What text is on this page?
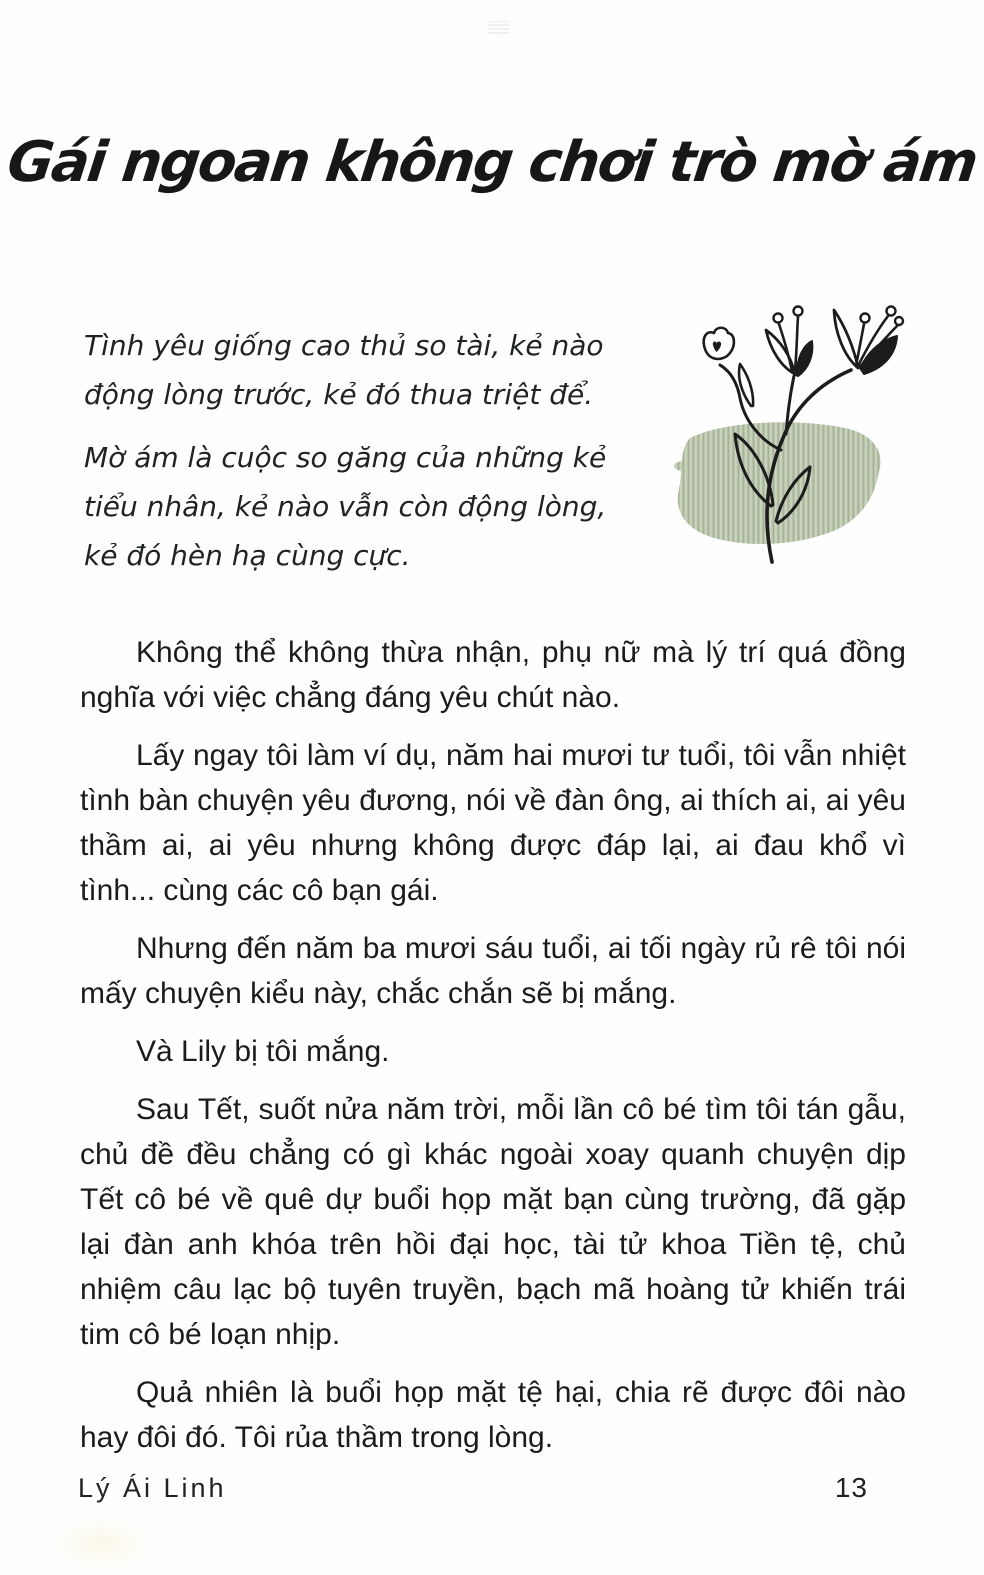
Gái ngoan không chơi trò mờ ám

Tình yêu giống cao thủ so tài, kẻ nào động lòng trước, kẻ đó thua triệt để.

Mờ ám là cuộc so găng của những kẻ tiểu nhân, kẻ nào vẫn còn động lòng, kẻ đó hèn hạ cùng cực.

Không thể không thừa nhận, phụ nữ mà lý trí quá đồng nghĩa với việc chẳng đáng yêu chút nào.

Lấy ngay tôi làm ví dụ, năm hai mươi tư tuổi, tôi vẫn nhiệt tình bàn chuyện yêu đương, nói về đàn ông, ai thích ai, ai yêu thầm ai, ai yêu nhưng không được đáp lại, ai đau khổ vì tình... cùng các cô bạn gái.

Nhưng đến năm ba mươi sáu tuổi, ai tối ngày rủ rê tôi nói mấy chuyện kiểu này, chắc chắn sẽ bị mắng.

Và Lily bị tôi mắng.

Sau Tết, suốt nửa năm trời, mỗi lần cô bé tìm tôi tán gẫu, chủ đề đều chẳng có gì khác ngoài xoay quanh chuyện dịp Tết cô bé về quê dự buổi họp mặt bạn cùng trường, đã gặp lại đàn anh khóa trên hồi đại học, tài tử khoa Tiền tệ, chủ nhiệm câu lạc bộ tuyên truyền, bạch mã hoàng tử khiến trái tim cô bé loạn nhịp.

Quả nhiên là buổi họp mặt tệ hại, chia rẽ được đôi nào hay đôi đó. Tôi rủa thầm trong lòng.

Lý Ái Linh	13
